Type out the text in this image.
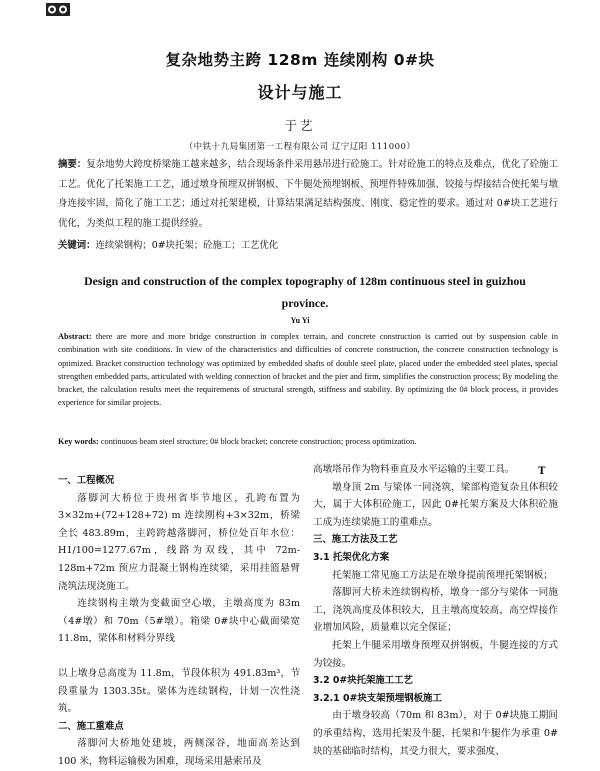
复杂地势主跨 128m 连续刚构 0#块
设计与施工
于艺
（中铁十九局集团第一工程有限公司 辽宁辽阳 111000）
摘要：复杂地势大跨度桥梁施工越来越多，结合现场条件采用悬吊进行砼施工。针对砼施工的特点及难点，优化了砼施工工艺。优化了托架施工工艺，通过墩身预埋双拼钢板、下牛腿处预埋钢板、预埋件特殊加强、铰接与焊接结合使托架与墩身连接牢固，简化了施工工艺；通过对托架建模，计算结果满足结构强度、刚度、稳定性的要求。通过对 0#块工艺进行优化，为类似工程的施工提供经验。
关键词：连续梁钢构；0#块托架；砼施工；工艺优化
Design and construction of the complex topography of 128m continuous steel in guizhou province.
Yu Yi
Abstract: there are more and more bridge construction in complex terrain, and concrete construction is carried out by suspension cable in combination with site conditions. In view of the characteristics and difficulties of concrete construction, the concrete construction technology is optimized. Bracket construction technology was optimized by embedded shafts of double steel plate, placed under the embedded steel plates, special strengthen embedded parts, articulated with welding connection of bracket and the pier and firm, simplifies the construction process; By modeling the bracket, the calculation results meet the requirements of structural strength, stiffness and stability. By optimizing the 0# block process, it provides experience for similar projects.
Key words: continuous beam steel structure; 0# block bracket; concrete construction; process optimization.

一、工程概况

落脚河大桥位于贵州省毕节地区，孔跨布置为 3×32m+(72+128+72) m 连续刚构+3×32m，桥梁全长 483.89m，主跨跨越落脚河，桥位处百年水位：H1/100=1277.67m，线路为双线，其中 72m-128m+72m 预应力混凝土钢构连续梁，采用挂篮悬臂浇筑法现浇施工。

连续钢构主墩为变截面空心墩，主墩高度为 83m（4#墩）和 70m（5#墩）。箱梁 0#块中心截面梁宽 11.8m，梁体和材料分界线

以上墩身总高度为 11.8m，节段体积为 491.83m³，节段重量为 1303.35t。梁体为连续钢构，计划一次性浇筑。

二、施工重难点

落脚河大桥地处建坡，两侧深谷，地面高差达到 100 米，物料运输极为困难，现场采用悬索吊及

T

高墩塔吊作为物料垂直及水平运输的主要工具。

墩身顶 2m 与梁体一同浇筑，梁部构造复杂且体积较大，属于大体积砼施工，因此 0#托架方案及大体积砼施工成为连续梁施工的重难点。

三、施工方法及工艺

3.1 托架优化方案

托架施工常见施工方法是在墩身提前预埋托架钢板；

落脚河大桥未连续钢构桥，墩身一部分与梁体一同施工，浇筑高度及体积较大，且主墩高度较高，高空焊接作业增加风险，质量难以完全保证；

托架上牛腿采用墩身预埋双拼钢板，牛腿连接的方式为铰接。

3.2 0#块托架施工工艺

3.2.1 0#块支架预埋钢板施工

由于墩身较高（70m 和 83m），对于 0#块施工期间的承重结构，选用托架及牛腿，托架和牛腿作为承重 0#块的基础临时结构，其受力很大，要求强度、
